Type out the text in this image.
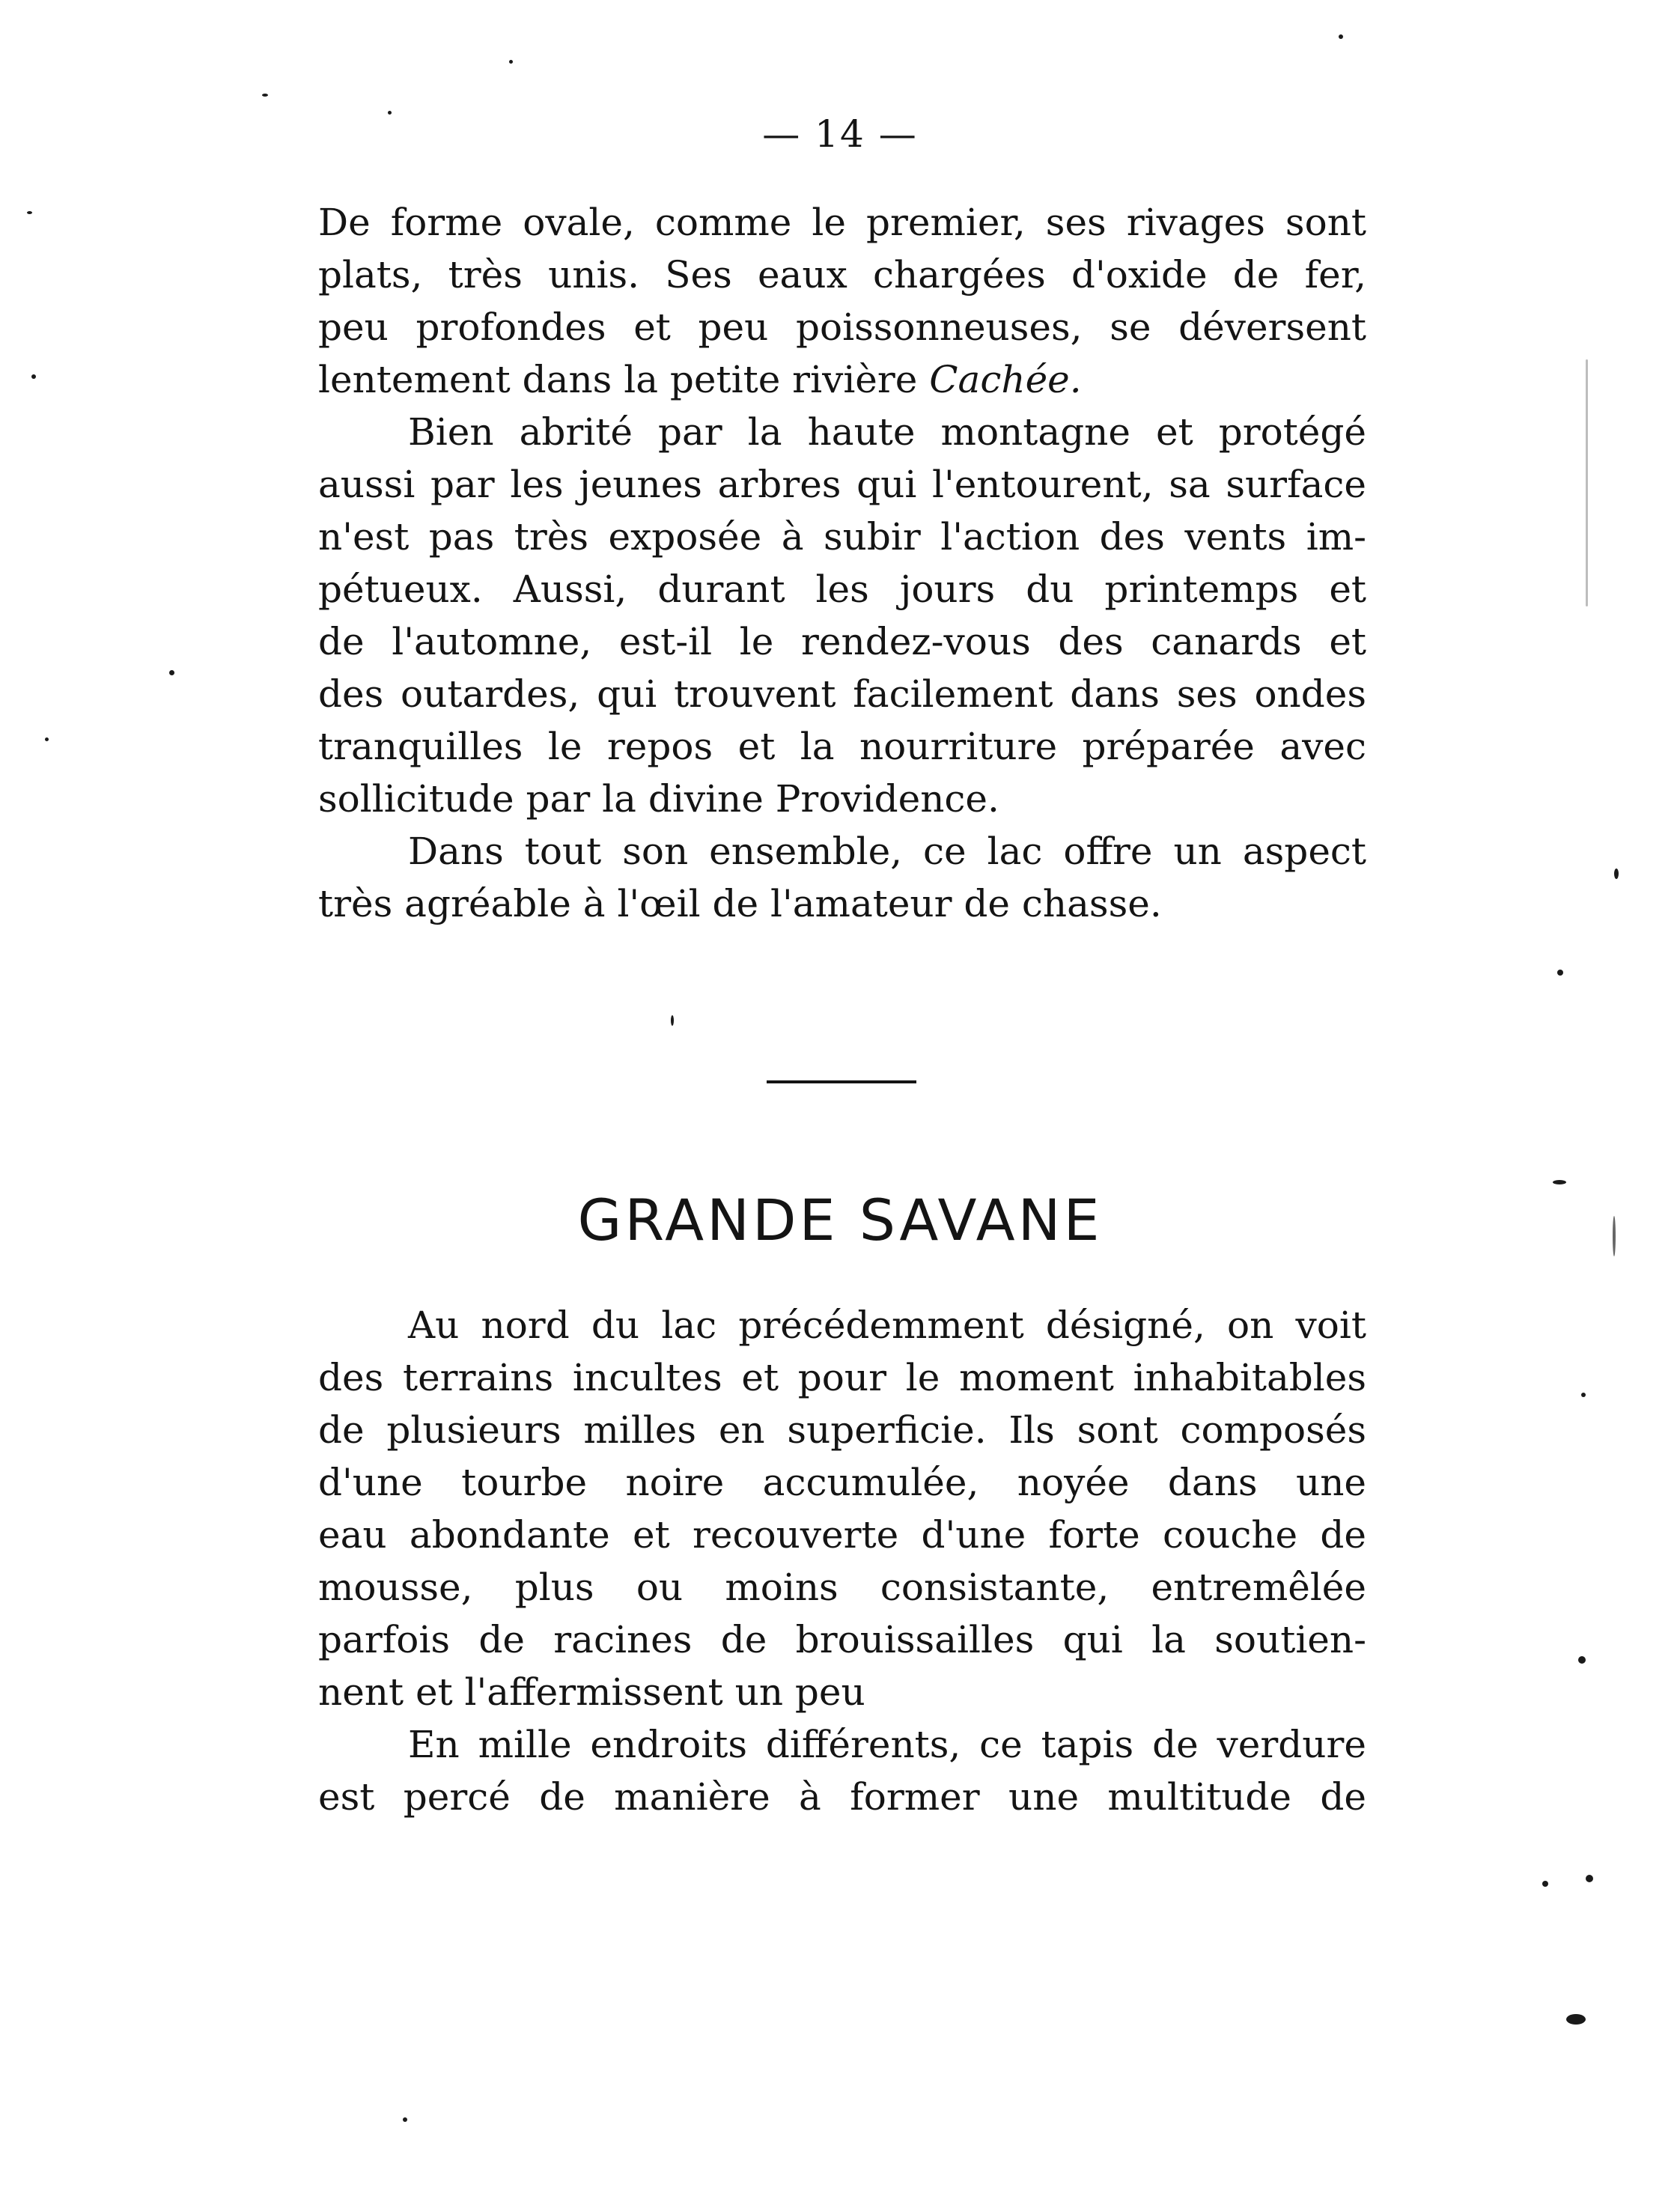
— 14 —

De forme ovale, comme le premier, ses rivages sont
plats, très unis. Ses eaux chargées d'oxide de fer,
peu profondes et peu poissonneuses, se déversent
lentement dans la petite rivière Cachée.

Bien abrité par la haute montagne et protégé
aussi par les jeunes arbres qui l'entourent, sa surface
n'est pas très exposée à subir l'action des vents im-
pétueux. Aussi, durant les jours du printemps et
de l'automne, est-il le rendez-vous des canards et
des outardes, qui trouvent facilement dans ses ondes
tranquilles le repos et la nourriture préparée avec
sollicitude par la divine Providence.

Dans tout son ensemble, ce lac offre un aspect
très agréable à l'œil de l'amateur de chasse.

GRANDE SAVANE

Au nord du lac précédemment désigné, on voit
des terrains incultes et pour le moment inhabitables
de plusieurs milles en superficie. Ils sont composés
d'une tourbe noire accumulée, noyée dans une
eau abondante et recouverte d'une forte couche de
mousse, plus ou moins consistante, entremêlée
parfois de racines de brouissailles qui la soutien-
nent et l'affermissent un peu

En mille endroits différents, ce tapis de verdure
est percé de manière à former une multitude de
